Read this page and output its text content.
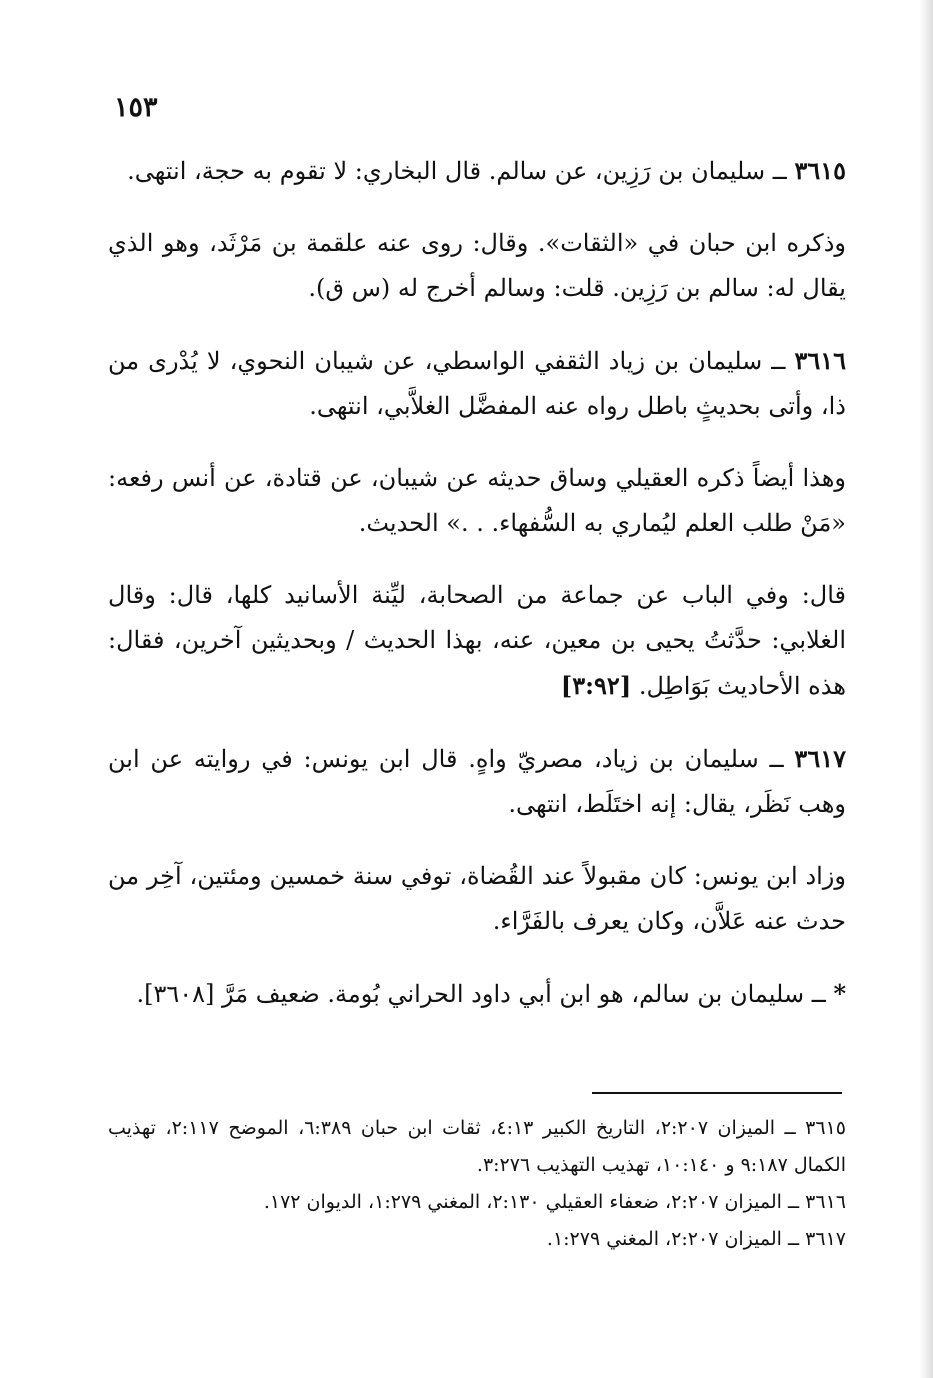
١٥٣

٣٦١٥ ــ سليمان بن رَزِين، عن سالم. قال البخاري: لا تقوم به حجة، انتهى.

وذكره ابن حبان في «الثقات». وقال: روى عنه علقمة بن مَرْثَد، وهو الذي يقال له: سالم بن رَزِين. قلت: وسالم أخرج له (س ق).

٣٦١٦ ــ سليمان بن زياد الثقفي الواسطي، عن شيبان النحوي، لا يُدْرى من ذا، وأتى بحديثٍ باطل رواه عنه المفضَّل الغلاَّبي، انتهى.

وهذا أيضاً ذكره العقيلي وساق حديثه عن شيبان، عن قتادة، عن أنس رفعه: «مَنْ طلب العلم ليُماري به السُّفهاء. . .» الحديث.

قال: وفي الباب عن جماعة من الصحابة، ليِّنة الأسانيد كلها، قال: وقال الغلابي: حدَّثتُ يحيى بن معين، عنه، بهذا الحديث / وبحديثين آخرين، فقال: هذه الأحاديث بَوَاطِل. [٣:٩٢]

٣٦١٧ ــ سليمان بن زياد، مصريّ واهٍ. قال ابن يونس: في روايته عن ابن وهب نَظَر، يقال: إنه اختَلَط، انتهى.

وزاد ابن يونس: كان مقبولاً عند القُضاة، توفي سنة خمسين ومئتين، آخِر من حدث عنه عَلاَّن، وكان يعرف بالفَرَّاء.

* ــ سليمان بن سالم، هو ابن أبي داود الحراني بُومة. ضعيف مَرَّ [٣٦٠٨].

٣٦١٥ ــ الميزان ٢:٢٠٧، التاريخ الكبير ٤:١٣، ثقات ابن حبان ٦:٣٨٩، الموضح ٢:١١٧، تهذيب الكمال ٩:١٨٧ و ١٠:١٤٠، تهذيب التهذيب ٣:٢٧٦.

٣٦١٦ ــ الميزان ٢:٢٠٧، ضعفاء العقيلي ٢:١٣٠، المغني ١:٢٧٩، الديوان ١٧٢.

٣٦١٧ ــ الميزان ٢:٢٠٧، المغني ١:٢٧٩.
